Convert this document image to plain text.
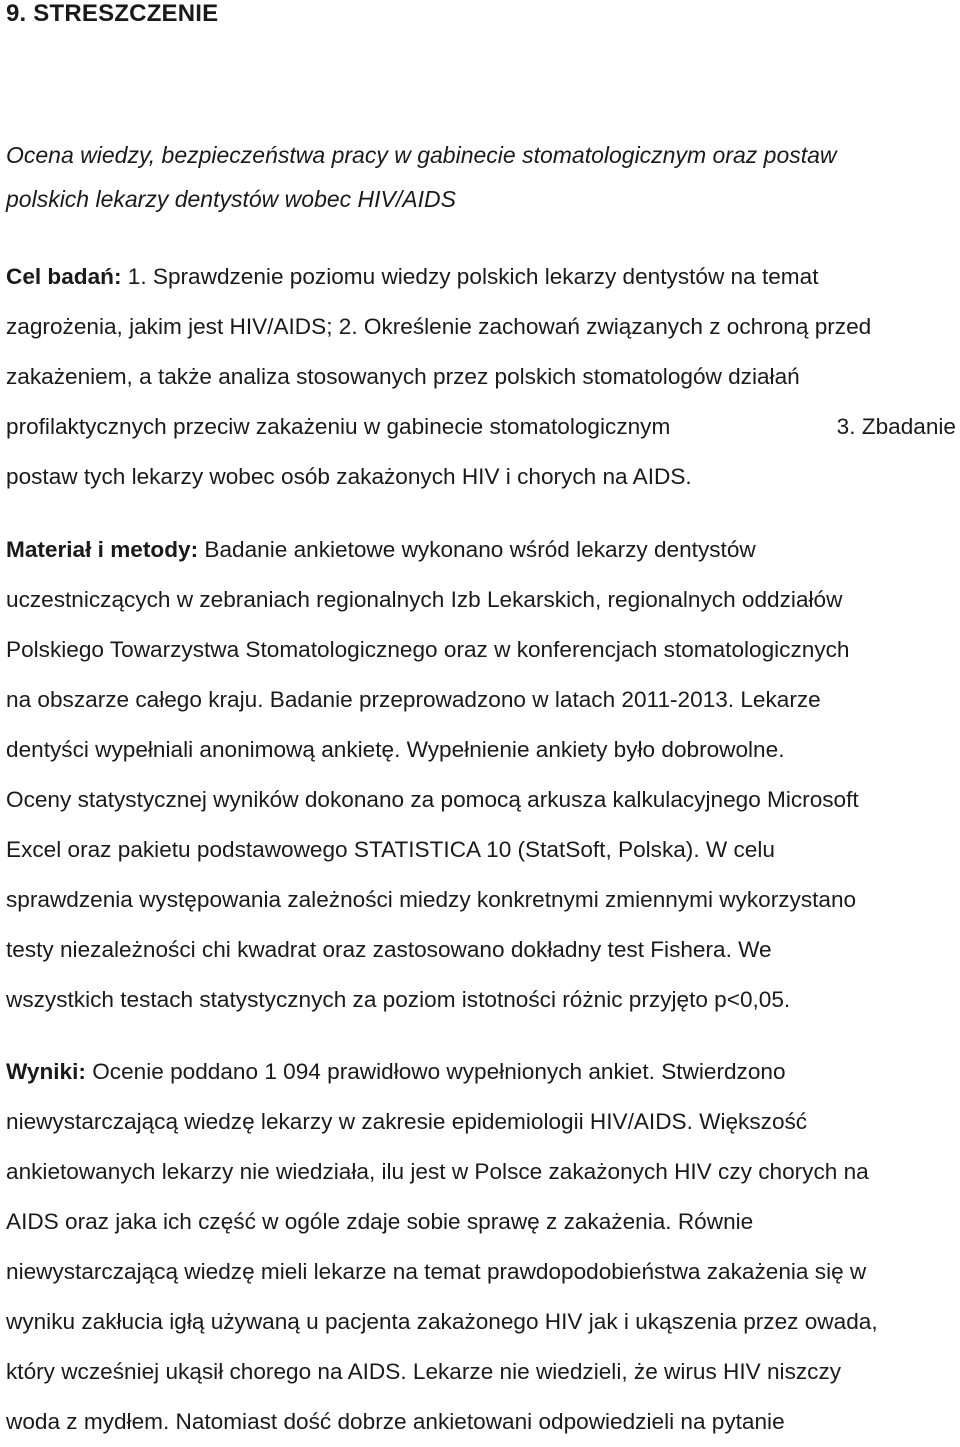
9. STRESZCZENIE
Ocena wiedzy, bezpieczeństwa pracy w gabinecie stomatologicznym oraz postaw
polskich lekarzy dentystów wobec HIV/AIDS
Cel badań: 1. Sprawdzenie poziomu wiedzy polskich lekarzy dentystów na temat
zagrożenia, jakim jest HIV/AIDS; 2. Określenie zachowań związanych z ochroną przed
zakażeniem, a także analiza stosowanych przez polskich stomatologów działań
profilaktycznych przeciw zakażeniu w gabinecie stomatologicznym	3. Zbadanie
postaw tych lekarzy wobec osób zakażonych HIV i chorych na AIDS.
Materiał i metody: Badanie ankietowe wykonano wśród lekarzy dentystów
uczestniczących w zebraniach regionalnych Izb Lekarskich, regionalnych oddziałów
Polskiego Towarzystwa Stomatologicznego oraz w konferencjach stomatologicznych
na obszarze całego kraju. Badanie przeprowadzono w latach 2011-2013. Lekarze
dentyści wypełniali anonimową ankietę. Wypełnienie ankiety było dobrowolne.
Oceny statystycznej wyników dokonano za pomocą arkusza kalkulacyjnego Microsoft
Excel oraz pakietu podstawowego STATISTICA 10 (StatSoft, Polska). W celu
sprawdzenia występowania zależności miedzy konkretnymi zmiennymi wykorzystano
testy niezależności chi kwadrat oraz zastosowano dokładny test Fishera. We
wszystkich testach statystycznych za poziom istotności różnic przyjęto p<0,05.
Wyniki: Ocenie poddano 1 094 prawidłowo wypełnionych ankiet. Stwierdzono
niewystarczającą wiedzę lekarzy w zakresie epidemiologii HIV/AIDS. Większość
ankietowanych lekarzy nie wiedziała, ilu jest w Polsce zakażonych HIV czy chorych na
AIDS oraz jaka ich część w ogóle zdaje sobie sprawę z zakażenia. Równie
niewystarczającą wiedzę mieli lekarze na temat prawdopodobieństwa zakażenia się w
wyniku zakłucia igłą używaną u pacjenta zakażonego HIV jak i ukąszenia przez owada,
który wcześniej ukąsił chorego na AIDS. Lekarze nie wiedzieli, że wirus HIV niszczy
woda z mydłem. Natomiast dość dobrze ankietowani odpowiedzieli na pytanie
